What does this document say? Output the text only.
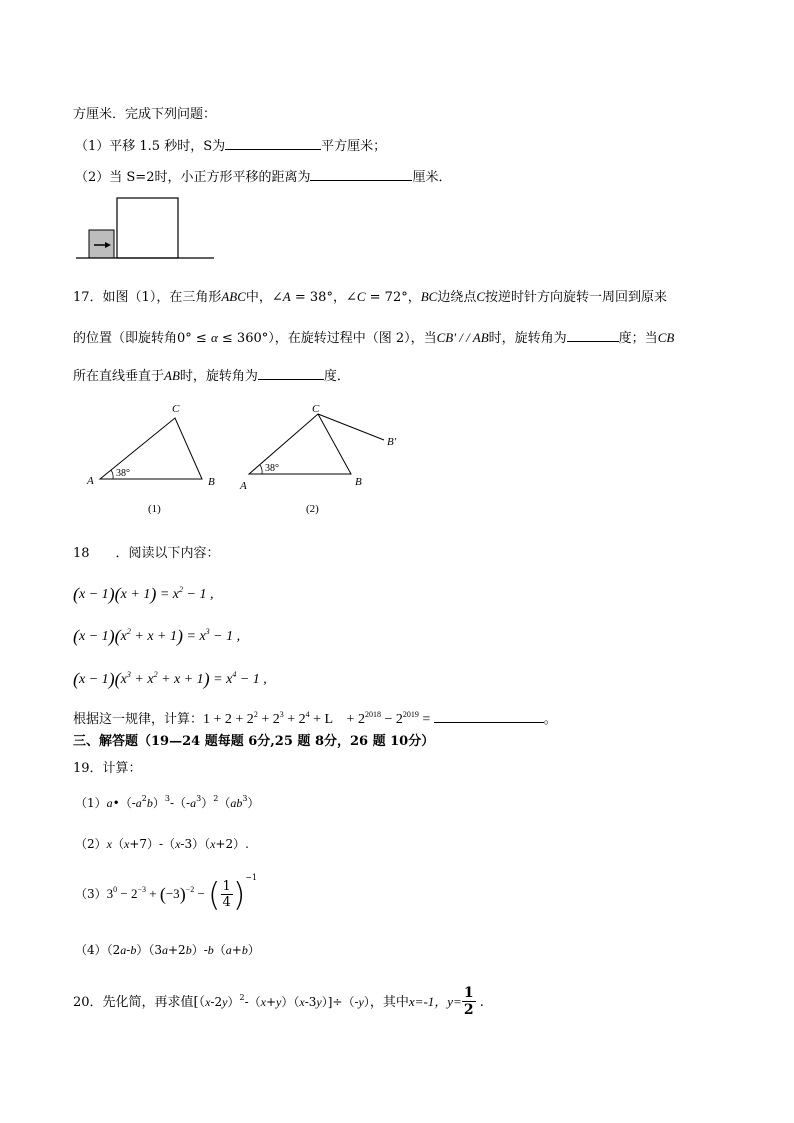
方厘米．完成下列问题：
（1）平移 1.5 秒时，S为	平方厘米；
（2）当 S=2时，小正方形平移的距离为	厘米．
17．如图（1），在三角形ABC中，∠A = 38°，∠C = 72°，BC边绕点C按逆时针方向旋转一周回到原来
的位置（即旋转角0° ≤ α ≤ 360°），在旋转过程中（图 2），当CB' / / AB时，旋转角为	度；当CB
所在直线垂直于AB时，旋转角为	度．
38°
A
C
B
(1)
38°
A
C
B
B'
(2)
18　　．阅读以下内容：
$(x - 1)(x + 1) = x^2 - 1$ ,
$(x - 1)(x^2 + x + 1) = x^3 - 1$ ,
$(x - 1)(x^3 + x^2 + x + 1) = x^4 - 1$ ,
根据这一规律，计算：$1 + 2 + 2^2 + 2^3 + 2^4 + L$　+ $2^{2018} - 2^{2019}$ =	。
三、解答题（19—24 题每题 6分,25 题 8分，26 题 10分）
19．计算：
$(1)a•(-a^2b)^3-(-a^3)^2(ab^3)$
（2）x（x+7）-（x-3）（x+2）.
$(3)3^0 - 2^{-3} + (-3)^{-2}$ − ( $\frac{1}{4} )^{-1}$
（4）（2a-b）（3a+2b）-b（a+b）
20．先化简，再求值$[(x-2y)^2-(x+y)(x-3y)]\div(-y)$，其中x=-1，$y= \frac{1}{2}$ .
